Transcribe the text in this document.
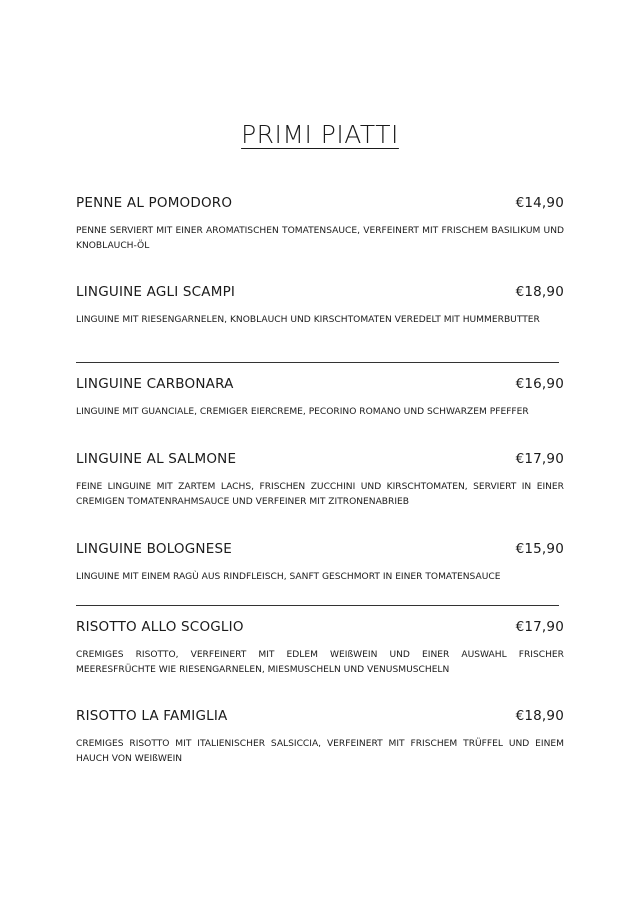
PRIMI PIATTI
PENNE AL POMODORO	€14,90
PENNE SERVIERT MIT EINER AROMATISCHEN TOMATENSAUCE, VERFEINERT MIT FRISCHEM BASILIKUM UND KNOBLAUCH-ÖL
LINGUINE AGLI SCAMPI	€18,90
LINGUINE MIT RIESENGARNELEN, KNOBLAUCH UND KIRSCHTOMATEN VEREDELT MIT HUMMERBUTTER
LINGUINE CARBONARA	€16,90
LINGUINE MIT GUANCIALE, CREMIGER EIERCREME, PECORINO ROMANO UND SCHWARZEM PFEFFER
LINGUINE AL SALMONE	€17,90
FEINE LINGUINE MIT ZARTEM LACHS, FRISCHEN ZUCCHINI UND KIRSCHTOMATEN, SERVIERT IN EINER CREMIGEN TOMATENRAHMSAUCE UND VERFEINER MIT ZITRONENABRIEB
LINGUINE BOLOGNESE	€15,90
LINGUINE MIT EINEM RAGÙ AUS RINDFLEISCH, SANFT GESCHMORT IN EINER TOMATENSAUCE
RISOTTO ALLO SCOGLIO	€17,90
CREMIGES RISOTTO, VERFEINERT MIT EDLEM WEIßWEIN UND EINER AUSWAHL FRISCHER MEERESFRÜCHTE WIE RIESENGARNELEN, MIESMUSCHELN UND VENUSMUSCHELN
RISOTTO LA FAMIGLIA	€18,90
CREMIGES RISOTTO MIT ITALIENISCHER SALSICCIA, VERFEINERT MIT FRISCHEM TRÜFFEL UND EINEM HAUCH VON WEIßWEIN
